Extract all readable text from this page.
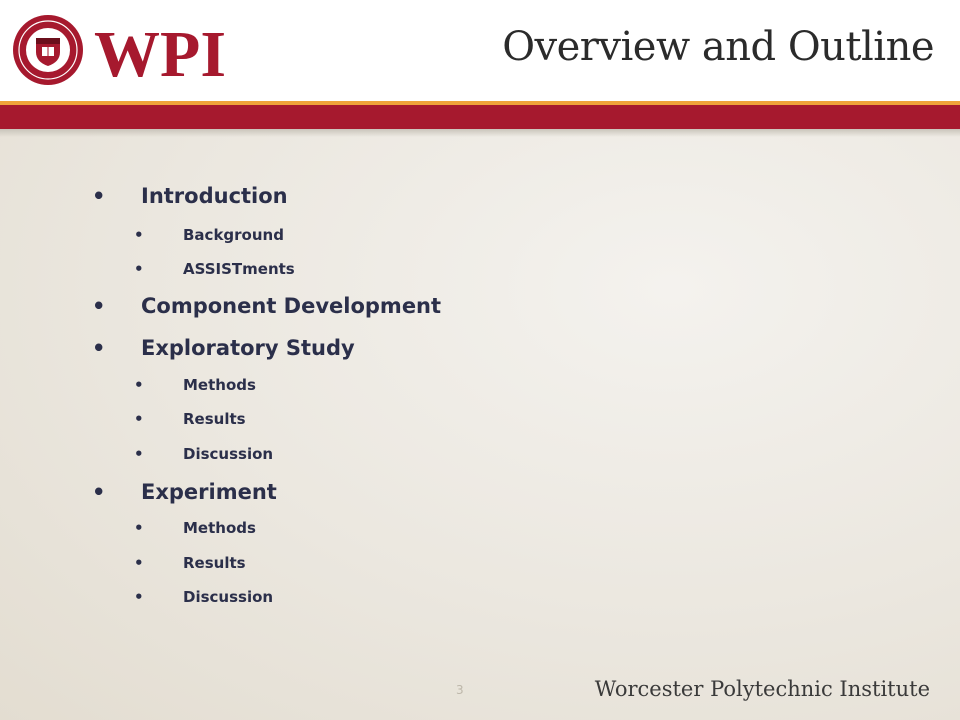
WPI	Overview and Outline
• Introduction
•	Background
•	ASSISTments
• Component Development
• Exploratory Study
•	Methods
•	Results
•	Discussion
• Experiment
•	Methods
•	Results
•	Discussion
3	Worcester Polytechnic Institute
